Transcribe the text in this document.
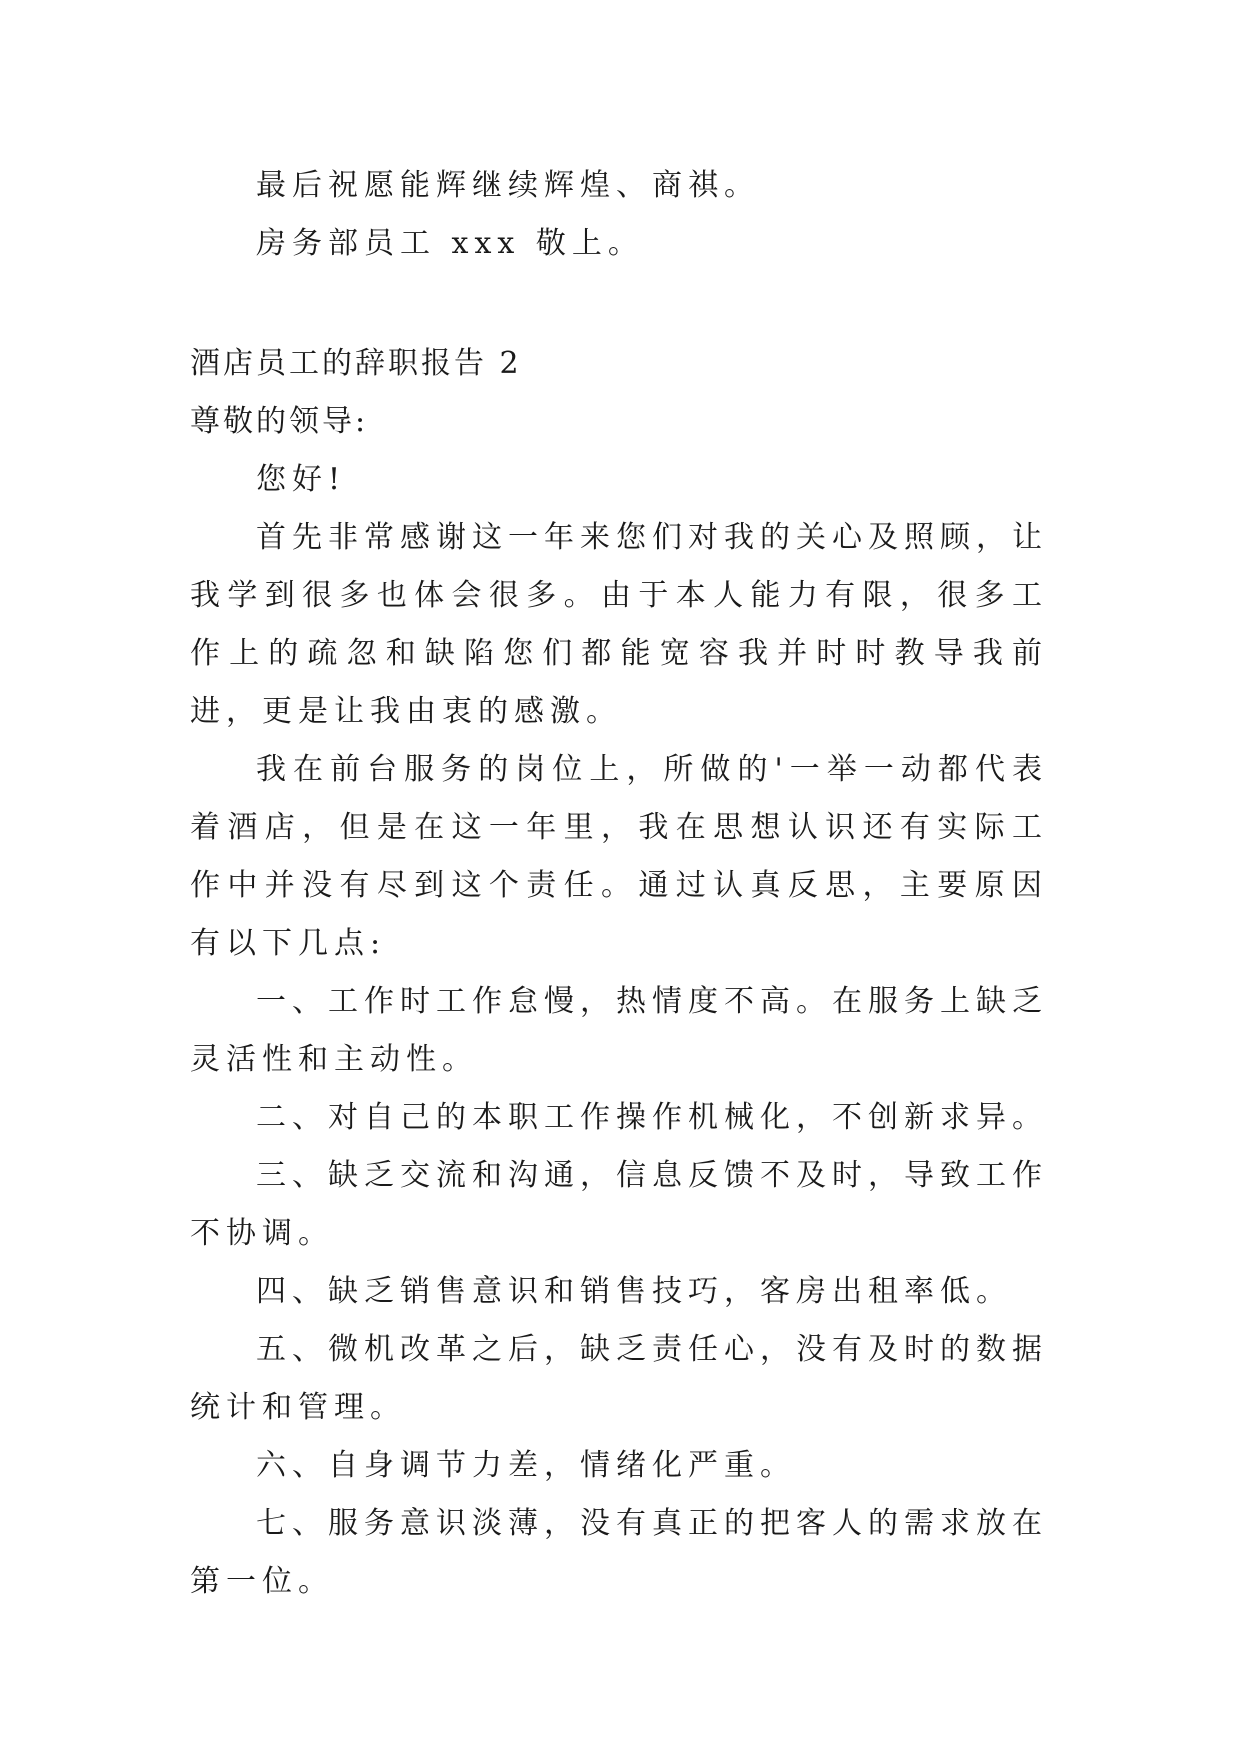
最后祝愿能辉继续辉煌、商祺。

房务部员工 xxx 敬上。

酒店员工的辞职报告 2

尊敬的领导:

您好!

首先非常感谢这一年来您们对我的关心及照顾，让我学到很多也体会很多。由于本人能力有限，很多工作上的疏忽和缺陷您们都能宽容我并时时教导我前进，更是让我由衷的感激。

我在前台服务的岗位上，所做的'一举一动都代表着酒店，但是在这一年里，我在思想认识还有实际工作中并没有尽到这个责任。通过认真反思，主要原因有以下几点:

一、工作时工作怠慢，热情度不高。在服务上缺乏灵活性和主动性。

二、对自己的本职工作操作机械化，不创新求异。

三、缺乏交流和沟通，信息反馈不及时，导致工作不协调。

四、缺乏销售意识和销售技巧，客房出租率低。

五、微机改革之后，缺乏责任心，没有及时的数据统计和管理。

六、自身调节力差，情绪化严重。

七、服务意识淡薄，没有真正的把客人的需求放在第一位。
